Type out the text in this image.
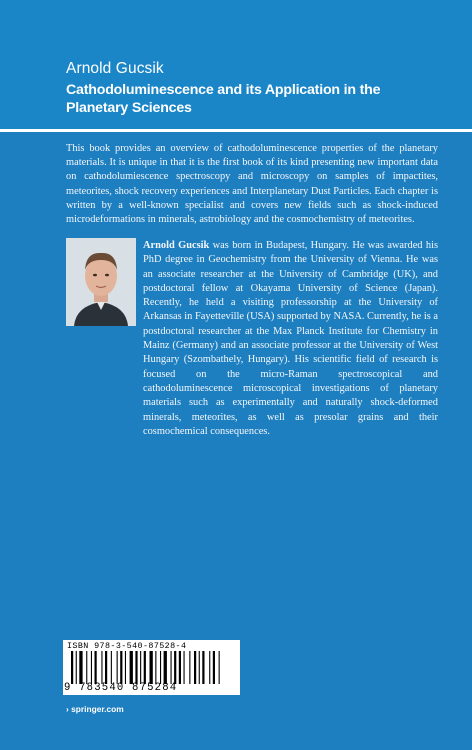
Arnold Gucsik
Cathodoluminescence and its Application in the Planetary Sciences
This book provides an overview of cathodoluminescence properties of the planetary materials. It is unique in that it is the first book of its kind presenting new important data on cathodolumiescence spectroscopy and microscopy on samples of impactites, meteorites, shock recovery experiences and Interplanetary Dust Particles. Each chapter is written by a well-known specialist and covers new fields such as shock-induced microdeformations in minerals, astrobiology and the cosmochemistry of meteorites.
Arnold Gucsik was born in Budapest, Hungary. He was awarded his PhD degree in Geochemistry from the University of Vienna. He was an associate researcher at the University of Cambridge (UK), and postdoctoral fellow at Okayama University of Science (Japan). Recently, he held a visiting professorship at the University of Arkansas in Fayetteville (USA) supported by NASA. Currently, he is a postdoctoral researcher at the Max Planck Institute for Chemistry in Mainz (Germany) and an associate professor at the University of West Hungary (Szombathely, Hungary). His scientific field of research is focused on the micro-Raman spectroscopical and cathodoluminescence microscopical investigations of planetary materials such as experimentally and naturally shock-deformed minerals, meteorites, as well as presolar grains and their cosmochemical consequences.
ISBN 978-3-540-87528-4
9 783540 875284
› springer.com
